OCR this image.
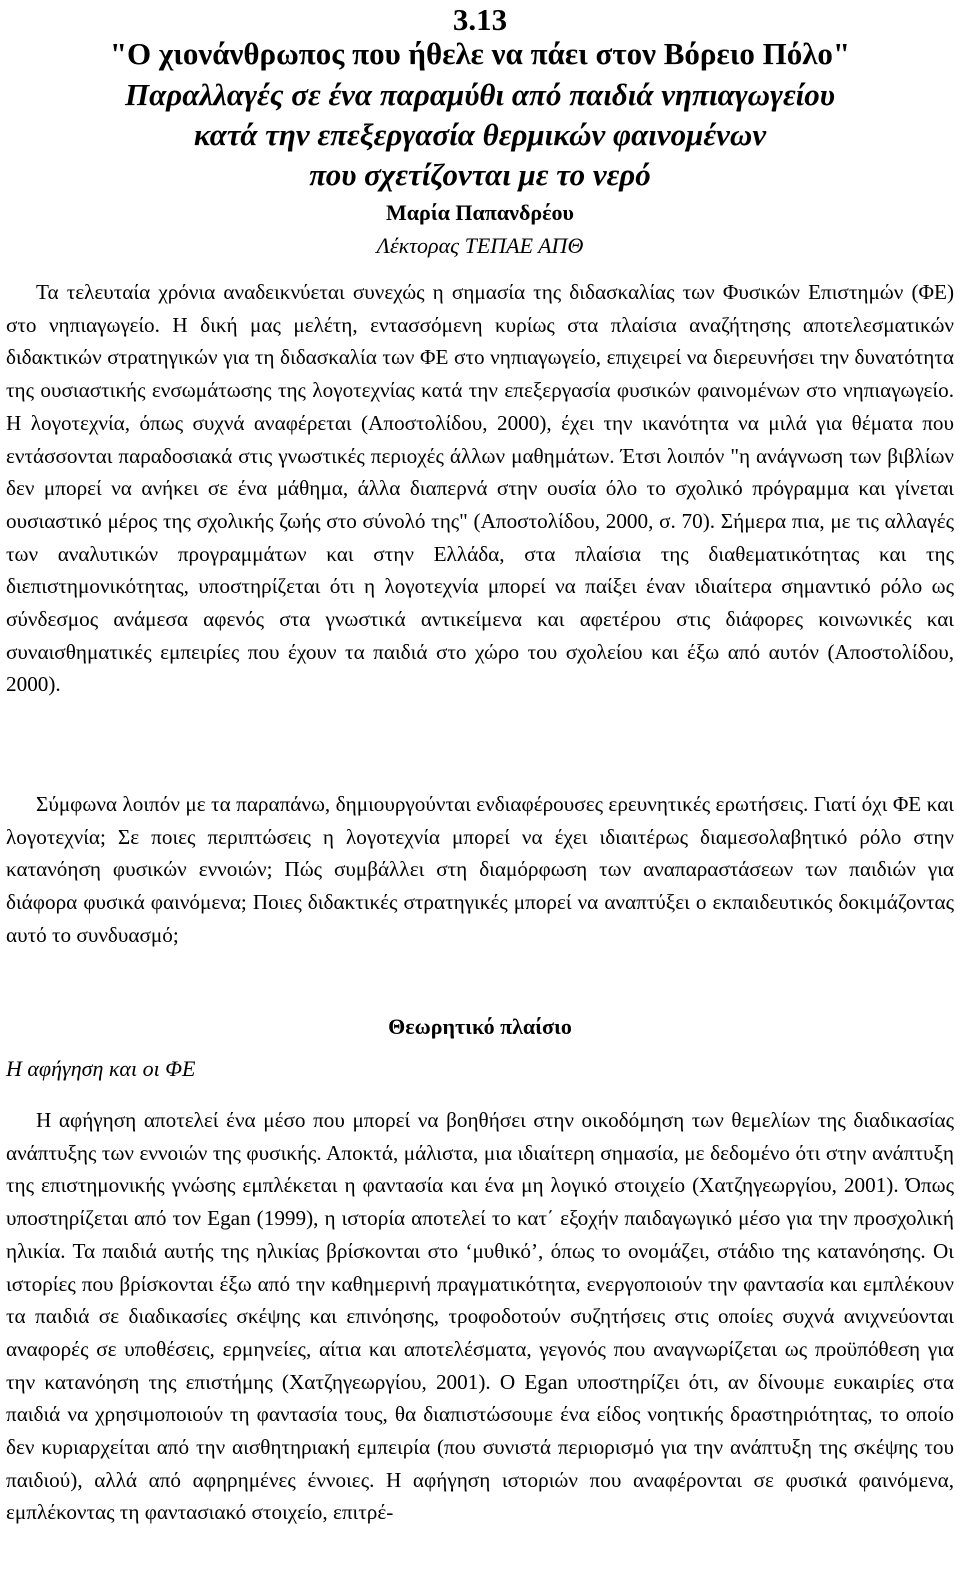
3.13
"Ο χιονάνθρωπος που ήθελε να πάει στον Βόρειο Πόλο"
Παραλλαγές σε ένα παραμύθι από παιδιά νηπιαγωγείου
κατά την επεξεργασία θερμικών φαινομένων
που σχετίζονται με το νερό
Μαρία Παπανδρέου
Λέκτορας ΤΕΠΑΕ ΑΠΘ

Τα τελευταία χρόνια αναδεικνύεται συνεχώς η σημασία της διδασκαλίας των Φυσικών Επιστημών (ΦΕ) στο νηπιαγωγείο. Η δική μας μελέτη, εντασσόμενη κυρίως στα πλαίσια αναζήτησης αποτελεσματικών διδακτικών στρατηγικών για τη διδασκαλία των ΦΕ στο νηπιαγωγείο, επιχειρεί να διερευνήσει την δυνατότητα της ουσιαστικής ενσωμάτωσης της λογοτεχνίας κατά την επεξεργασία φυσικών φαινομένων στο νηπιαγωγείο. Η λογοτεχνία, όπως συχνά αναφέρεται (Αποστολίδου, 2000), έχει την ικανότητα να μιλά για θέματα που εντάσσονται παραδοσιακά στις γνωστικές περιοχές άλλων μαθημάτων. Έτσι λοιπόν "η ανάγνωση των βιβλίων δεν μπορεί να ανήκει σε ένα μάθημα, άλλα διαπερνά στην ουσία όλο το σχολικό πρόγραμμα και γίνεται ουσιαστικό μέρος της σχολικής ζωής στο σύνολό της" (Αποστολίδου, 2000, σ. 70). Σήμερα πια, με τις αλλαγές των αναλυτικών προγραμμάτων και στην Ελλάδα, στα πλαίσια της διαθεματικότητας και της διεπιστημονικότητας, υποστηρίζεται ότι η λογοτεχνία μπορεί να παίξει έναν ιδιαίτερα σημαντικό ρόλο ως σύνδεσμος ανάμεσα αφενός στα γνωστικά αντικείμενα και αφετέρου στις διάφορες κοινωνικές και συναισθηματικές εμπειρίες που έχουν τα παιδιά στο χώρο του σχολείου και έξω από αυτόν (Αποστολίδου, 2000).

Σύμφωνα λοιπόν με τα παραπάνω, δημιουργούνται ενδιαφέρουσες ερευνητικές ερωτήσεις. Γιατί όχι ΦΕ και λογοτεχνία; Σε ποιες περιπτώσεις η λογοτεχνία μπορεί να έχει ιδιαιτέρως διαμεσολαβητικό ρόλο στην κατανόηση φυσικών εννοιών; Πώς συμβάλλει στη διαμόρφωση των αναπαραστάσεων των παιδιών για διάφορα φυσικά φαινόμενα; Ποιες διδακτικές στρατηγικές μπορεί να αναπτύξει ο εκπαιδευτικός δοκιμάζοντας αυτό το συνδυασμό;

Θεωρητικό πλαίσιο
Η αφήγηση και οι ΦΕ

Η αφήγηση αποτελεί ένα μέσο που μπορεί να βοηθήσει στην οικοδόμηση των θεμελίων της διαδικασίας ανάπτυξης των εννοιών της φυσικής. Αποκτά, μάλιστα, μια ιδιαίτερη σημασία, με δεδομένο ότι στην ανάπτυξη της επιστημονικής γνώσης εμπλέκεται η φαντασία και ένα μη λογικό στοιχείο (Χατζηγεωργίου, 2001). Όπως υποστηρίζεται από τον Egan (1999), η ιστορία αποτελεί το κατ΄ εξοχήν παιδαγωγικό μέσο για την προσχολική ηλικία. Τα παιδιά αυτής της ηλικίας βρίσκονται στο ‘μυθικό’, όπως το ονομάζει, στάδιο της κατανόησης. Οι ιστορίες που βρίσκονται έξω από την καθημερινή πραγματικότητα, ενεργοποιούν την φαντασία και εμπλέκουν τα παιδιά σε διαδικασίες σκέψης και επινόησης, τροφοδοτούν συζητήσεις στις οποίες συχνά ανιχνεύονται αναφορές σε υποθέσεις, ερμηνείες, αίτια και αποτελέσματα, γεγονός που αναγνωρίζεται ως προϋπόθεση για την κατανόηση της επιστήμης (Χατζηγεωργίου, 2001). Ο Egan υποστηρίζει ότι, αν δίνουμε ευκαιρίες στα παιδιά να χρησιμοποιούν τη φαντασία τους, θα διαπιστώσουμε ένα είδος νοητικής δραστηριότητας, το οποίο δεν κυριαρχείται από την αισθητηριακή εμπειρία (που συνιστά περιορισμό για την ανάπτυξη της σκέψης του παιδιού), αλλά από αφηρημένες έννοιες. Η αφήγηση ιστοριών που αναφέρονται σε φυσικά φαινόμενα, εμπλέκοντας τη φαντασιακό στοιχείο, επιτρέ-
